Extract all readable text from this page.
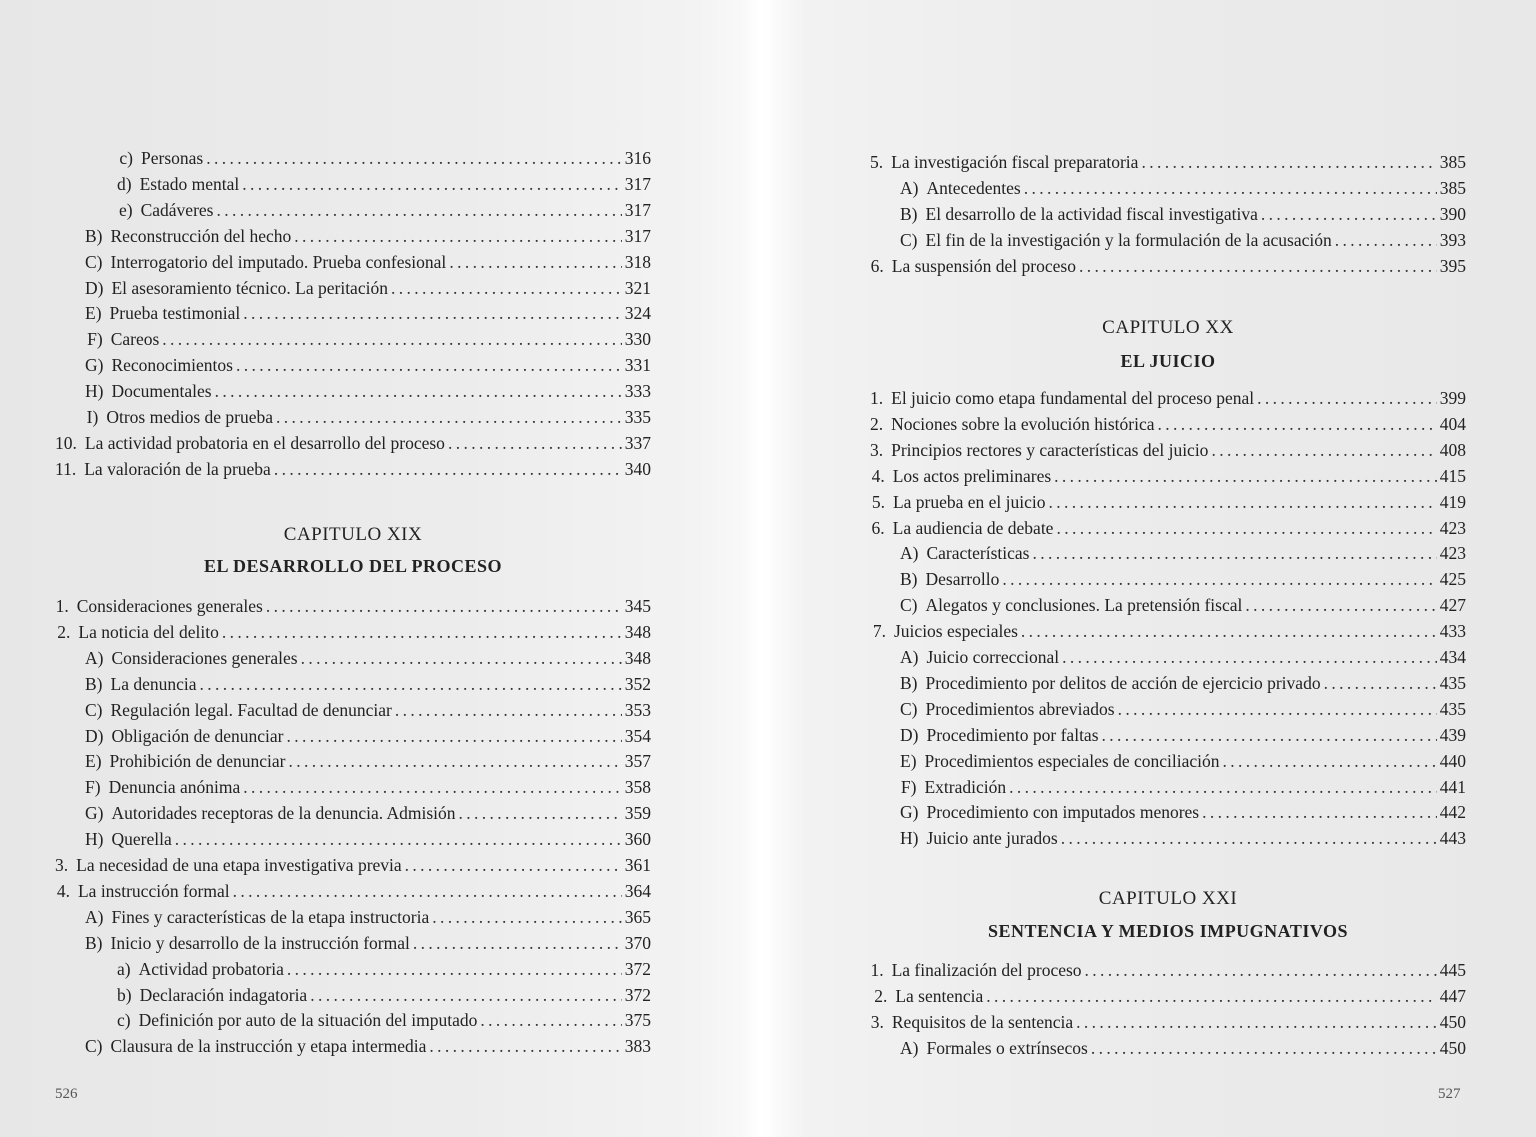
c) Personas . . .	316
d) Estado mental . . .	317
e) Cadáveres . . .	317
B) Reconstrucción del hecho . . .	317
C) Interrogatorio del imputado. Prueba confesional . . .	318
D) El asesoramiento técnico. La peritación . . .	321
E) Prueba testimonial . . .	324
F) Careos . . .	330
G) Reconocimientos . . .	331
H) Documentales . . .	333
I) Otros medios de prueba . . .	335
10. La actividad probatoria en el desarrollo del proceso . . .	337
11. La valoración de la prueba . . .	340
CAPITULO XIX
EL DESARROLLO DEL PROCESO
1. Consideraciones generales . . .	345
2. La noticia del delito . . .	348
A) Consideraciones generales . . .	348
B) La denuncia . . .	352
C) Regulación legal. Facultad de denunciar . . .	353
D) Obligación de denunciar . . .	354
E) Prohibición de denunciar . . .	357
F) Denuncia anónima . . .	358
G) Autoridades receptoras de la denuncia. Admisión . . .	359
H) Querella . . .	360
3. La necesidad de una etapa investigativa previa . . .	361
4. La instrucción formal . . .	364
A) Fines y características de la etapa instructoria . . .	365
B) Inicio y desarrollo de la instrucción formal . . .	370
a) Actividad probatoria . . .	372
b) Declaración indagatoria . . .	372
c) Definición por auto de la situación del imputado . . .	375
C) Clausura de la instrucción y etapa intermedia . . .	383
526
5. La investigación fiscal preparatoria . . .	385
A) Antecedentes . . .	385
B) El desarrollo de la actividad fiscal investigativa . . .	390
C) El fin de la investigación y la formulación de la acusación . . .	393
6. La suspensión del proceso . . .	395
CAPITULO XX
EL JUICIO
1. El juicio como etapa fundamental del proceso penal . . .	399
2. Nociones sobre la evolución histórica . . .	404
3. Principios rectores y características del juicio . . .	408
4. Los actos preliminares . . .	415
5. La prueba en el juicio . . .	419
6. La audiencia de debate . . .	423
A) Características . . .	423
B) Desarrollo . . .	425
C) Alegatos y conclusiones. La pretensión fiscal . . .	427
7. Juicios especiales . . .	433
A) Juicio correccional . . .	434
B) Procedimiento por delitos de acción de ejercicio privado . . .	435
C) Procedimientos abreviados . . .	435
D) Procedimiento por faltas . . .	439
E) Procedimientos especiales de conciliación . . .	440
F) Extradición . . .	441
G) Procedimiento con imputados menores . . .	442
H) Juicio ante jurados . . .	443
CAPITULO XXI
SENTENCIA Y MEDIOS IMPUGNATIVOS
1. La finalización del proceso . . .	445
2. La sentencia . . .	447
3. Requisitos de la sentencia . . .	450
A) Formales o extrínsecos . . .	450
527
